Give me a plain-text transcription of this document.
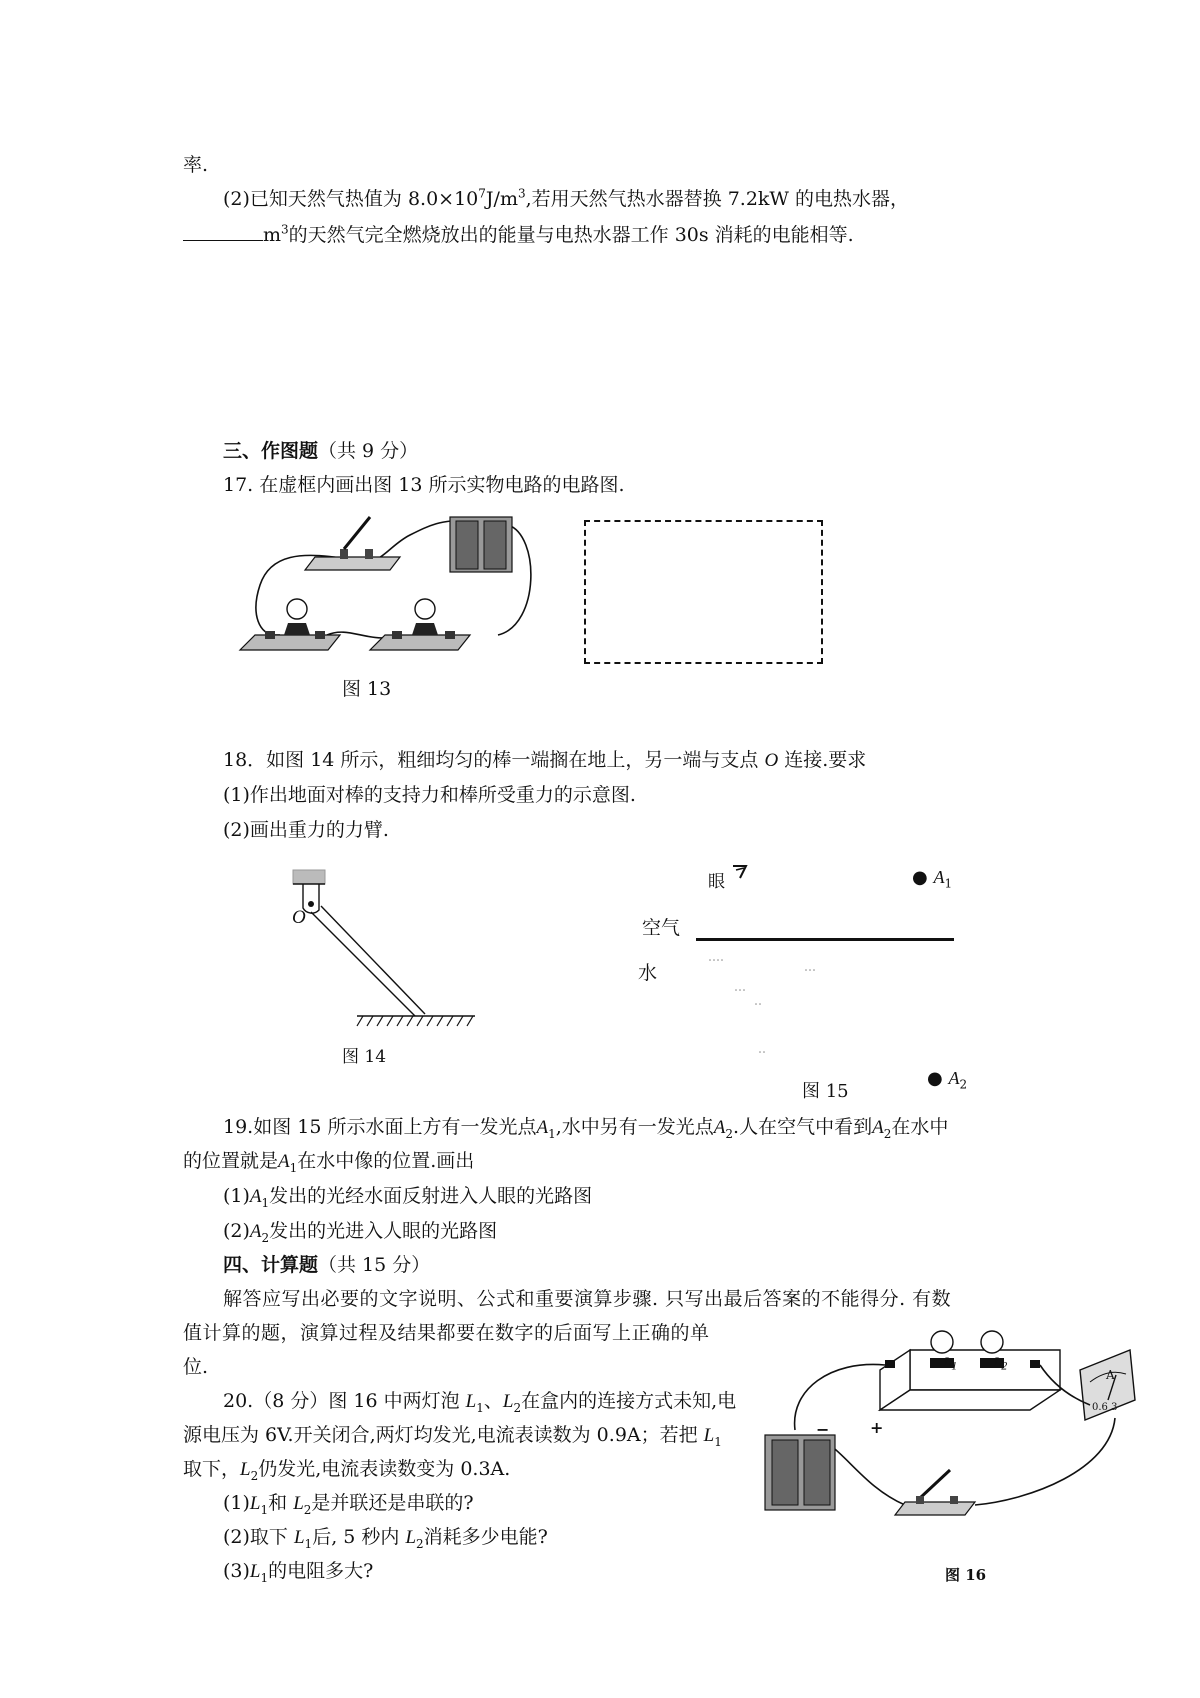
率.
(2)已知天然气热值为 $8.0\times 10^7J/m^3$,若用天然气热水器替换 7.2kW 的电热水器，
$m^3$的天然气完全燃烧放出的能量与电热水器工作 30s 消耗的电能相等.
三、作图题（共 9 分）
17. 在虚框内画出图 13 所示实物电路的电路图.
图 13
18．如图 14 所示，粗细均匀的棒一端搁在地上，另一端与支点 O 连接.要求
(1)作出地面对棒的支持力和棒所受重力的示意图.
(2)画出重力的力臂.
O
图 14
眼	● $A_1$
空气
水
图 15
● $A_2$
19.如图 15 所示水面上方有一发光点$A_1$,水中另有一发光点$A_2$.人在空气中看到$A_2$在水中
的位置就是$A_1$在水中像的位置.画出
$(1)A_1$发出的光经水面反射进入人眼的光路图
$(2)A_2$发出的光进入人眼的光路图
四、计算题（共 15 分）
解答应写出必要的文字说明、公式和重要演算步骤. 只写出最后答案的不能得分. 有数
值计算的题，演算过程及结果都要在数字的后面写上正确的单
位.
20.（8 分）图 16 中两灯泡 $L_1$、$L_2$在盒内的连接方式未知,电
源电压为 6V.开关闭合,两灯均发光,电流表读数为 0.9A；若把 $L_1$
取下，$L_2$仍发光,电流表读数变为 0.3A.
$(1)L_1$和 $L_2$是并联还是串联的?
(2)取下 $L_1$后, 5 秒内 $L_2$消耗多少电能?
$(3)L_1$的电阻多大?
$L_1$	$L_2$
−	+
A
0.6 3
图 16
